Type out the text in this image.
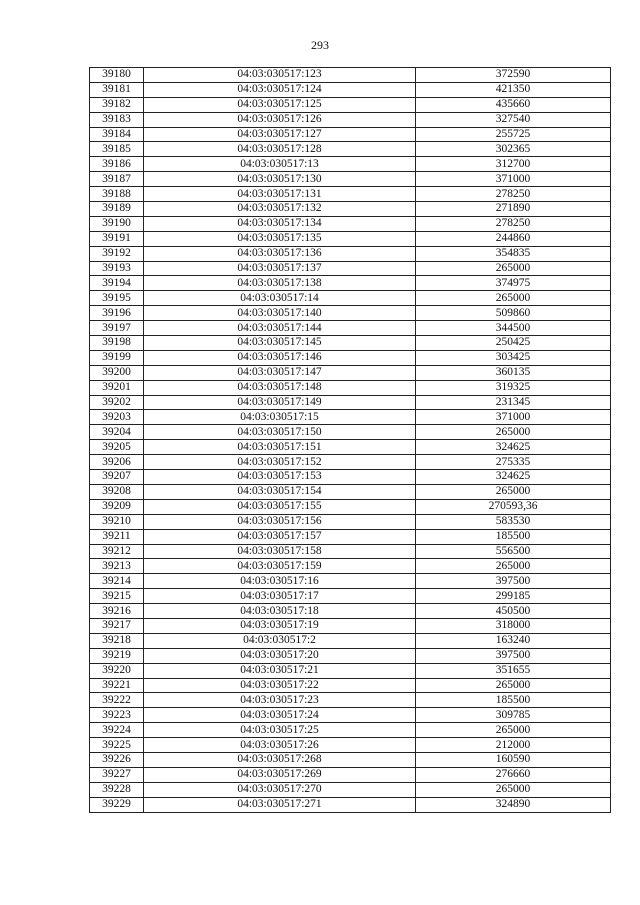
293
39180	04:03:030517:123	372590
39181	04:03:030517:124	421350
39182	04:03:030517:125	435660
39183	04:03:030517:126	327540
39184	04:03:030517:127	255725
39185	04:03:030517:128	302365
39186	04:03:030517:13	312700
39187	04:03:030517:130	371000
39188	04:03:030517:131	278250
39189	04:03:030517:132	271890
39190	04:03:030517:134	278250
39191	04:03:030517:135	244860
39192	04:03:030517:136	354835
39193	04:03:030517:137	265000
39194	04:03:030517:138	374975
39195	04:03:030517:14	265000
39196	04:03:030517:140	509860
39197	04:03:030517:144	344500
39198	04:03:030517:145	250425
39199	04:03:030517:146	303425
39200	04:03:030517:147	360135
39201	04:03:030517:148	319325
39202	04:03:030517:149	231345
39203	04:03:030517:15	371000
39204	04:03:030517:150	265000
39205	04:03:030517:151	324625
39206	04:03:030517:152	275335
39207	04:03:030517:153	324625
39208	04:03:030517:154	265000
39209	04:03:030517:155	270593,36
39210	04:03:030517:156	583530
39211	04:03:030517:157	185500
39212	04:03:030517:158	556500
39213	04:03:030517:159	265000
39214	04:03:030517:16	397500
39215	04:03:030517:17	299185
39216	04:03:030517:18	450500
39217	04:03:030517:19	318000
39218	04:03:030517:2	163240
39219	04:03:030517:20	397500
39220	04:03:030517:21	351655
39221	04:03:030517:22	265000
39222	04:03:030517:23	185500
39223	04:03:030517:24	309785
39224	04:03:030517:25	265000
39225	04:03:030517:26	212000
39226	04:03:030517:268	160590
39227	04:03:030517:269	276660
39228	04:03:030517:270	265000
39229	04:03:030517:271	324890
